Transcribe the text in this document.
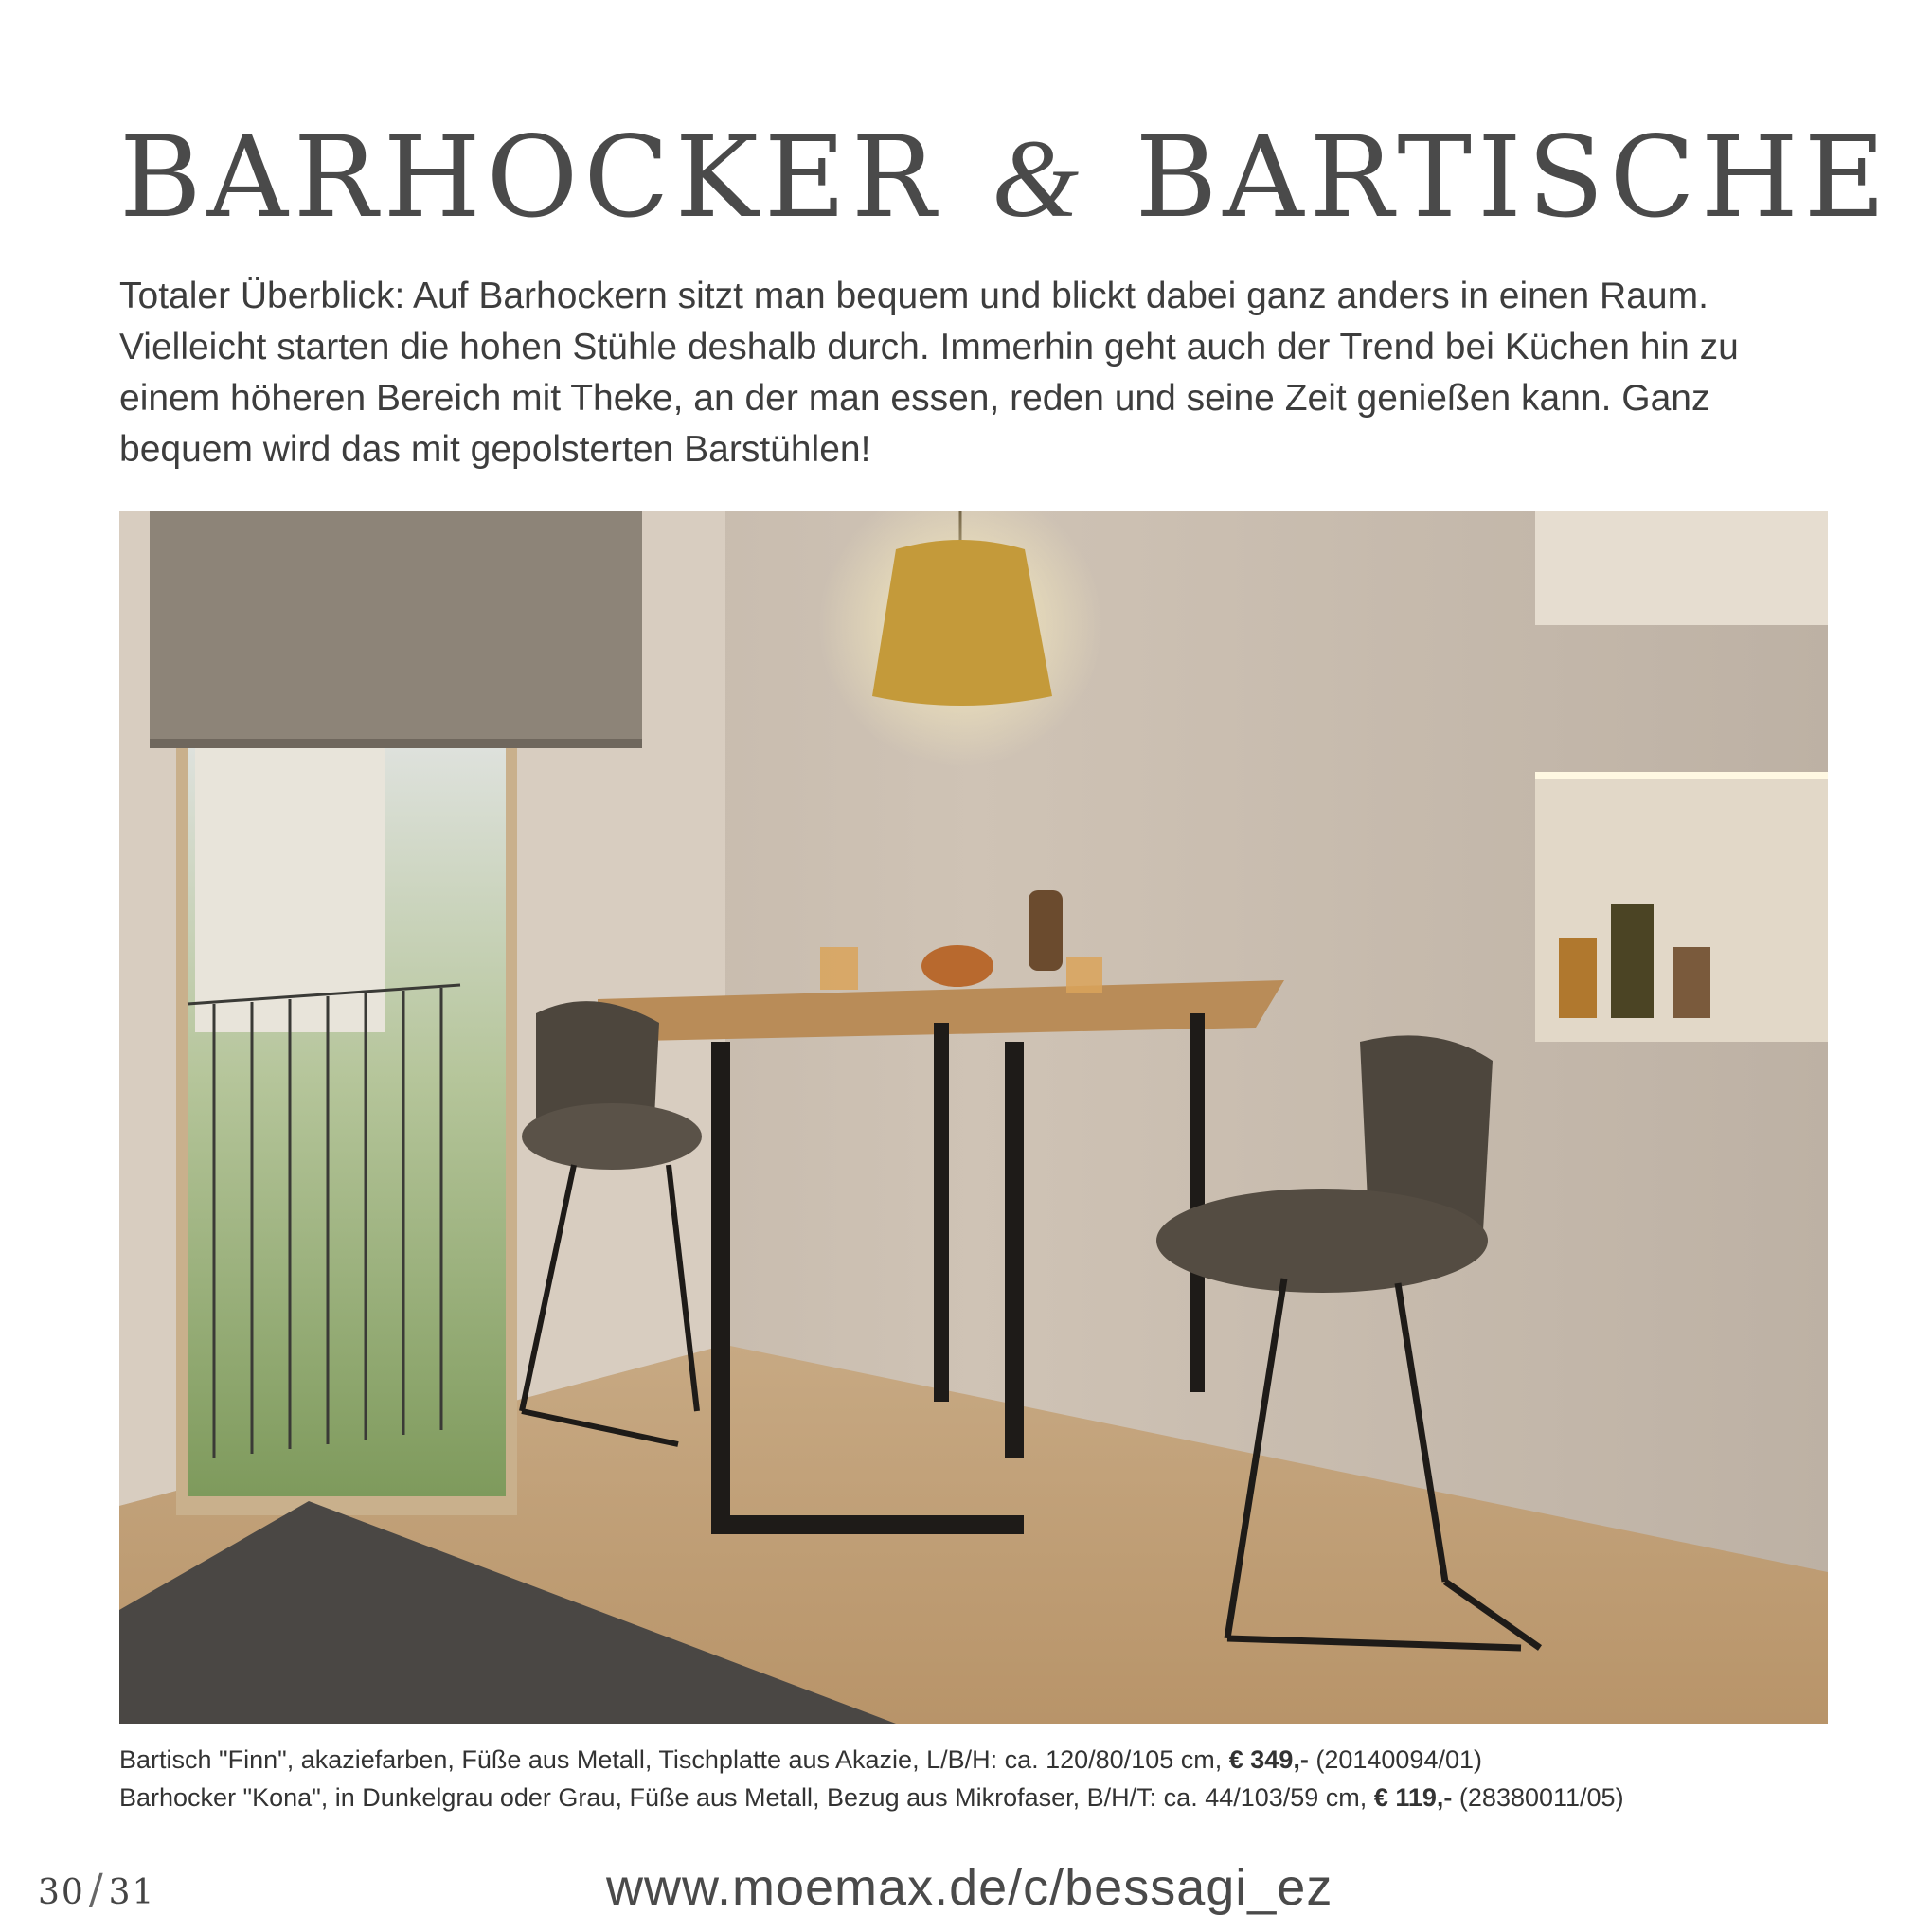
BARHOCKER & BARTISCHE

Totaler Überblick: Auf Barhockern sitzt man bequem und blickt dabei ganz anders in einen Raum. Vielleicht starten die hohen Stühle deshalb durch. Immerhin geht auch der Trend bei Küchen hin zu einem höheren Bereich mit Theke, an der man essen, reden und seine Zeit genießen kann. Ganz bequem wird das mit gepolsterten Barstühlen!

Bartisch "Finn", akaziefarben, Füße aus Metall, Tischplatte aus Akazie, L/B/H: ca. 120/80/105 cm, € 349,- (20140094/01)
Barhocker "Kona", in Dunkelgrau oder Grau, Füße aus Metall, Bezug aus Mikrofaser, B/H/T: ca. 44/103/59 cm, € 119,- (28380011/05)
30/ 31	www.moemax.de/c/bessagi_ez
